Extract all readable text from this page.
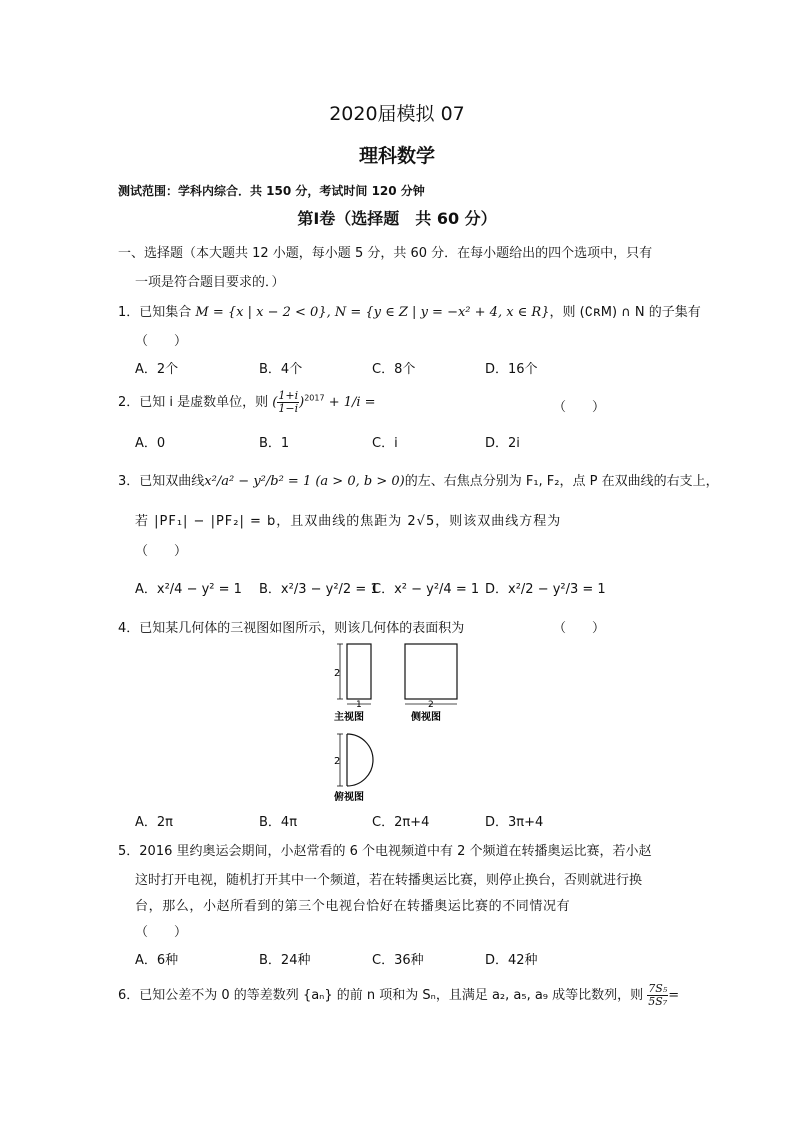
2020届模拟 07
理科数学
测试范围：学科内综合．共 150 分，考试时间 120 分钟
第Ⅰ卷（选择题　共 60 分）
一、选择题（本大题共 12 小题，每小题 5 分，共 60 分．在每小题给出的四个选项中，只有
一项是符合题目要求的．）
1．已知集合 M = {x | x − 2 < 0}, N = {y ∈ Z | y = −x² + 4, x ∈ R}，则 (∁ʀM) ∩ N 的子集有
（　　）
A．2个	B．4个	C．8个	D．16个
2．已知 i 是虚数单位，则 ( $\frac{1+i}{1-i} )^{2017} + 1/i$ =	（　　）
A．0	B．1	C．i	D．2i
3．已知双曲线x²/a² − y²/b² = 1 (a > 0, b > 0)的左、右焦点分别为 F₁, F₂，点 P 在双曲线的右支上，
若 |PF₁| − |PF₂| = b，且双曲线的焦距为 2√5，则该双曲线方程为
（　　）
A．x²/4 − y² = 1 B．x²/3 − y²/2 = 1
C．x² − y²/4 = 1 D．x²/2 − y²/3 = 1
4．已知某几何体的三视图如图所示，则该几何体的表面积为	（　　）
2
1
主视图
2
侧视图
2
俯视图
A．2π	B．4π	C．2π+4	D．3π+4
5．2016 里约奥运会期间，小赵常看的 6 个电视频道中有 2 个频道在转播奥运比赛，若小赵
这时打开电视，随机打开其中一个频道，若在转播奥运比赛，则停止换台，否则就进行换
台，那么，小赵所看到的第三个电视台恰好在转播奥运比赛的不同情况有
（　　）
A．6种	B．24种	C．36种	D．42种
6．已知公差不为 0 的等差数列 {aₙ} 的前 n 项和为 Sₙ，且满足 a₂, a₅, a₉ 成等比数列，则 $\frac{\text{7S₅}}{\text{5S₇}}$ =
